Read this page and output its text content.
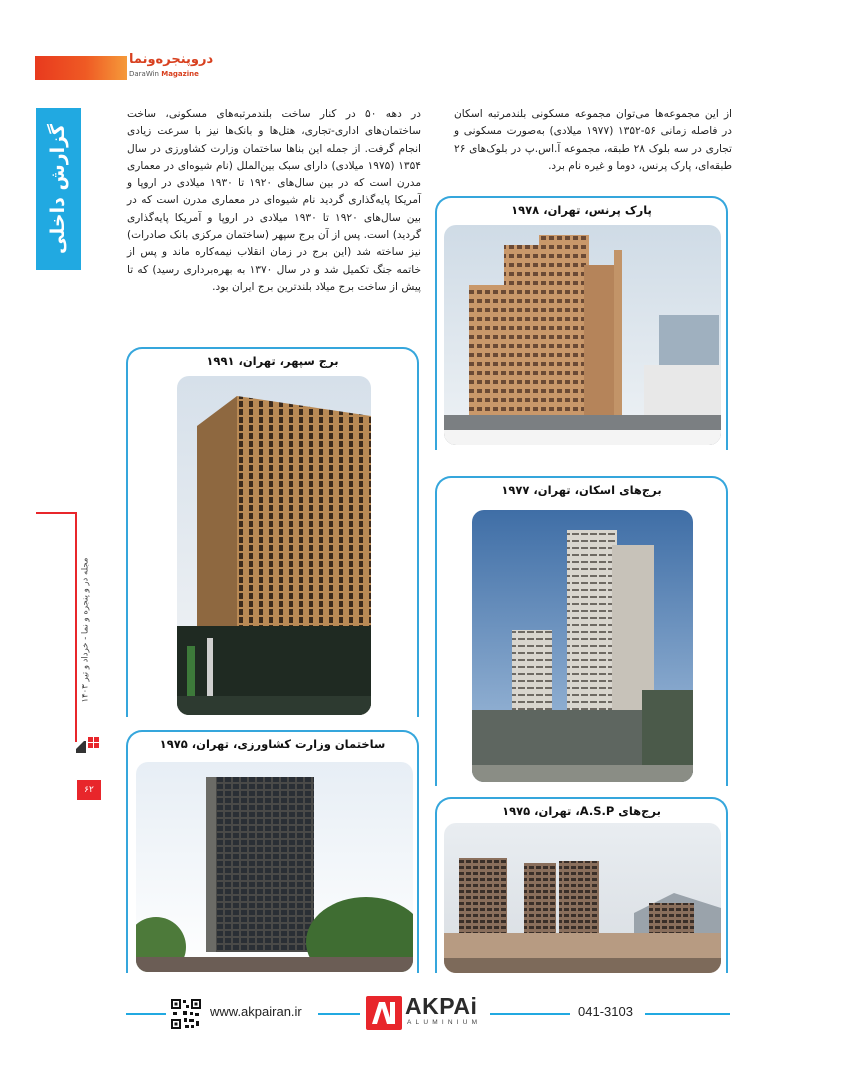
دروپنجره‌ونما
DaraWin Magazine
گزارش داخلی
مجله در و پنجره و نما - خرداد و تیر ۱۴۰۳
۶۲
از این مجموعه‌ها می‌توان مجموعه مسکونی بلندمرتبه اسکان در فاصله زمانی ۵۶-۱۳۵۲ (۱۹۷۷ میلادی) به‌صورت مسکونی و تجاری در سه بلوک ۲۸ طبقه، مجموعه آ.اس.پ در بلوک‌های ۲۶ طبقه‌ای، پارک پرنس، دوما و غیره نام برد.
در دهه ۵۰ در کنار ساخت بلندمرتبه‌های مسکونی، ساخت ساختمان‌های اداری-تجاری، هتل‌ها و بانک‌ها نیز با سرعت زیادی انجام گرفت. از جمله این بناها ساختمان وزارت کشاورزی در سال ۱۳۵۴ (۱۹۷۵ میلادی) دارای سبک بین‌الملل (نام شیوه‌ای در معماری مدرن است که در بین سال‌های ۱۹۲۰ تا ۱۹۳۰ میلادی در اروپا و آمریکا پایه‌گذاری گردید نام شیوه‌ای در معماری مدرن است که در بین سال‌های ۱۹۲۰ تا ۱۹۳۰ میلادی در اروپا و آمریکا پایه‌گذاری گردید) است. پس از آن برج سپهر (ساختمان مرکزی بانک صادرات) نیز ساخته شد (این برج در زمان انقلاب نیمه‌کاره ماند و پس از خاتمه جنگ تکمیل شد و در سال ۱۳۷۰ به بهره‌برداری رسید) که تا پیش از ساخت برج میلاد بلندترین برج ایران بود.
پارک پرنس، تهران، ۱۹۷۸
برج سپهر، تهران، ۱۹۹۱
برج‌های اسکان، تهران، ۱۹۷۷
ساختمان وزارت کشاورزی، تهران، ۱۹۷۵
برج‌های A.S.P، تهران، ۱۹۷۵
www.akpairan.ir	AKPAi
ALUMINIUM
041-3103
